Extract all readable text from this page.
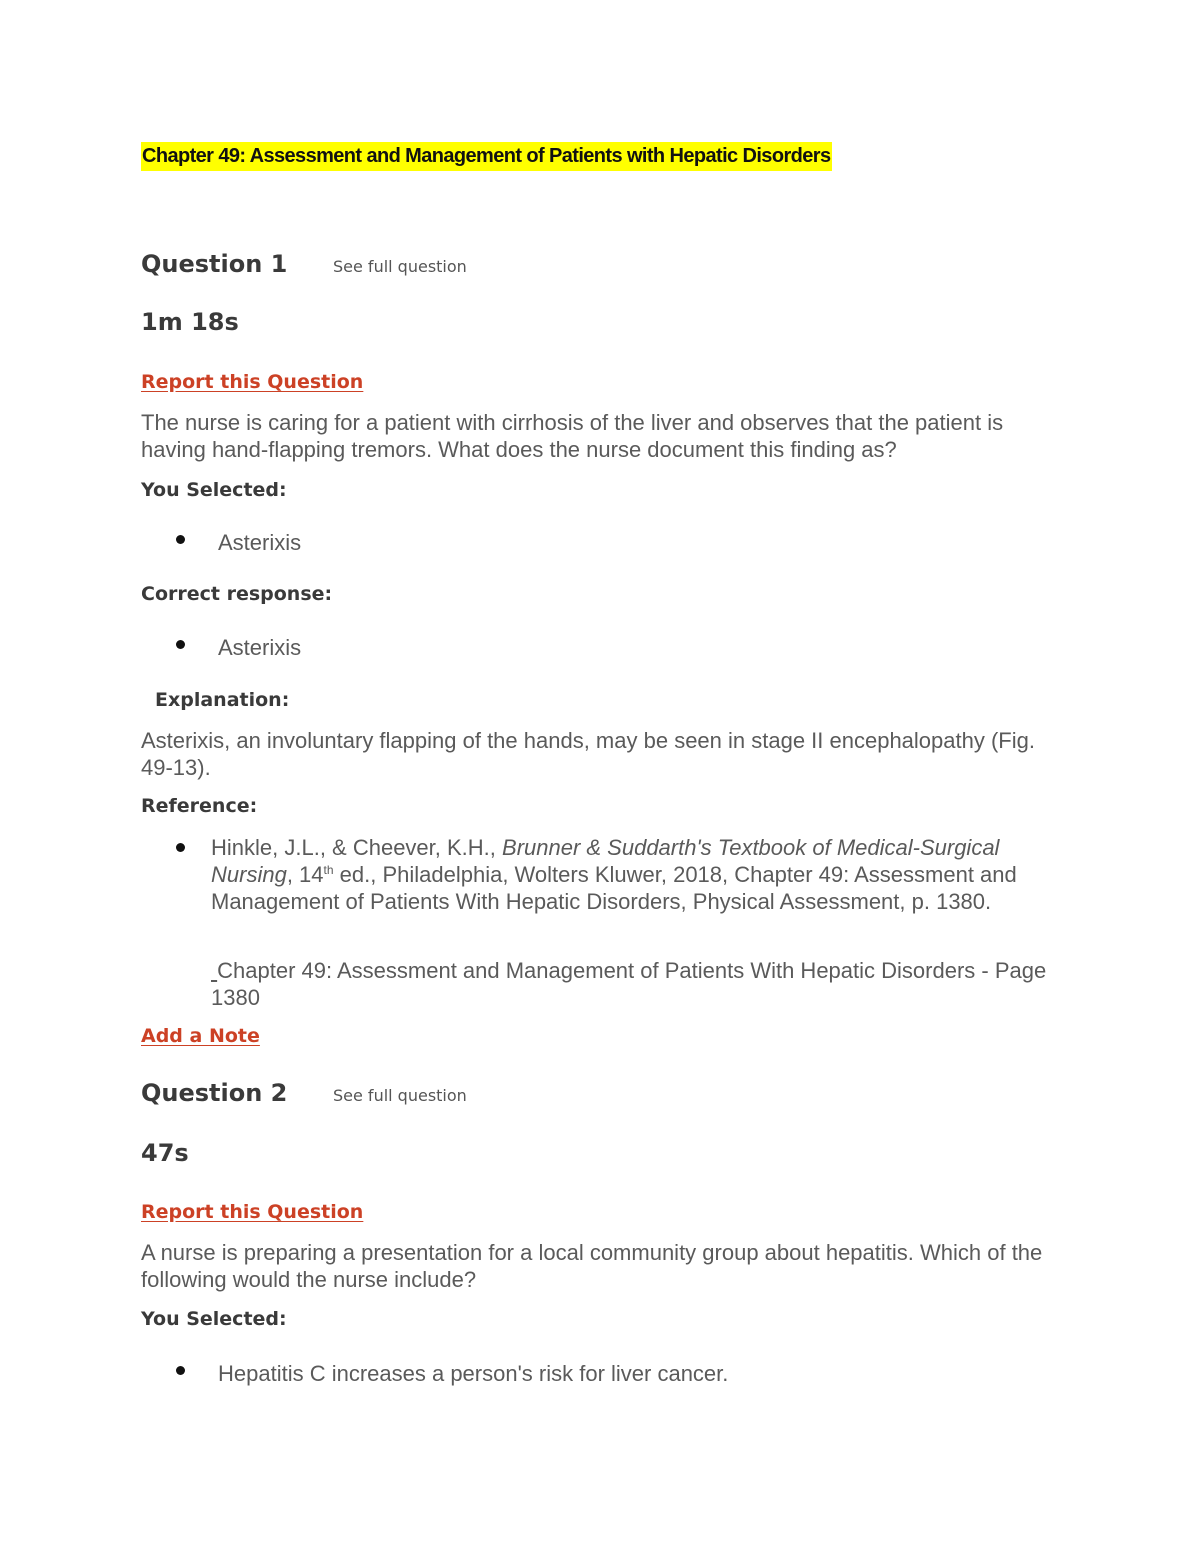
Chapter 49: Assessment and Management of Patients with Hepatic Disorders
Question 1	See full question
1m 18s
Report this Question
The nurse is caring for a patient with cirrhosis of the liver and observes that the patient is having hand-flapping tremors. What does the nurse document this finding as?
You Selected:
Asterixis
Correct response:
Asterixis
Explanation:
Asterixis, an involuntary flapping of the hands, may be seen in stage II encephalopathy (Fig. 49-13).
Reference:
Hinkle, J.L., & Cheever, K.H., Brunner & Suddarth's Textbook of Medical-Surgical Nursing, 14th ed., Philadelphia, Wolters Kluwer, 2018, Chapter 49: Assessment and Management of Patients With Hepatic Disorders, Physical Assessment, p. 1380.
Chapter 49: Assessment and Management of Patients With Hepatic Disorders - Page 1380
Add a Note
Question 2	See full question
47s
Report this Question
A nurse is preparing a presentation for a local community group about hepatitis. Which of the following would the nurse include?
You Selected:
Hepatitis C increases a person's risk for liver cancer.
